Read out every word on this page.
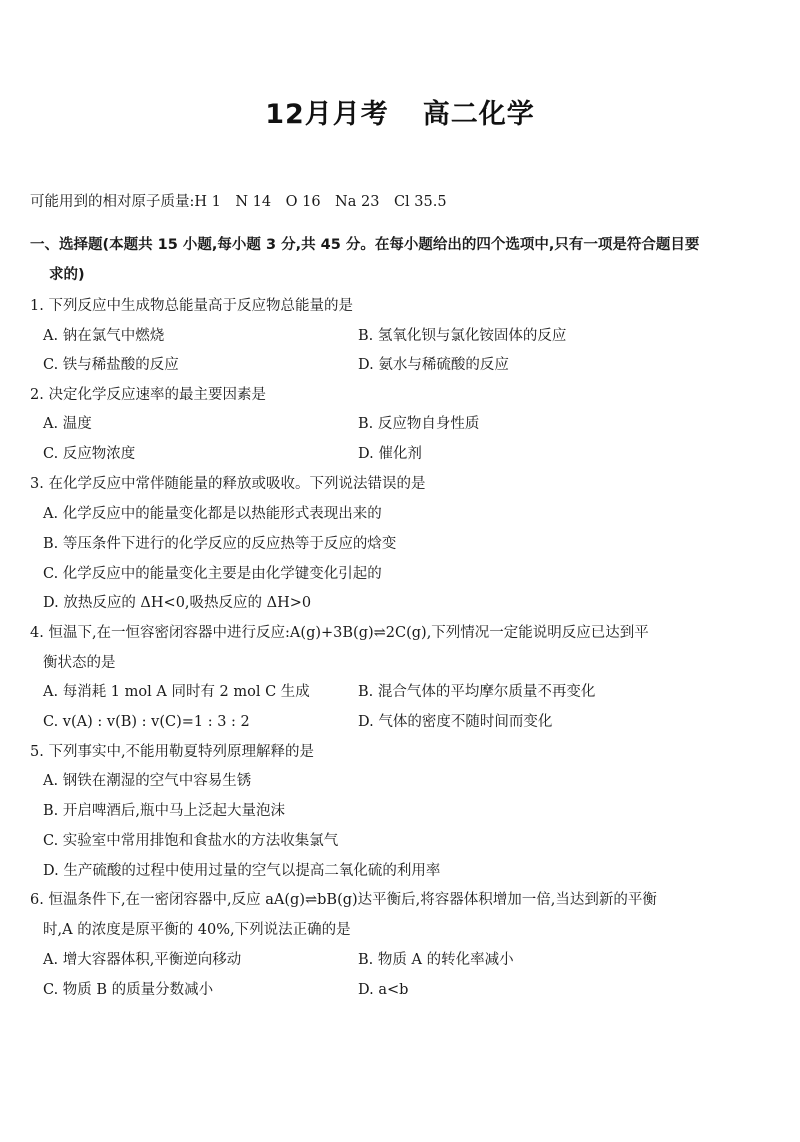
12月月考 高二化学
可能用到的相对原子质量:H 1　N 14　O 16　Na 23　Cl 35.5
一、选择题(本题共 15 小题,每小题 3 分,共 45 分。在每小题给出的四个选项中,只有一项是符合题目要
求的)
1. 下列反应中生成物总能量高于反应物总能量的是
A. 钠在氯气中燃烧	B. 氢氧化钡与氯化铵固体的反应
C. 铁与稀盐酸的反应	D. 氨水与稀硫酸的反应
2. 决定化学反应速率的最主要因素是
A. 温度	B. 反应物自身性质
C. 反应物浓度	D. 催化剂
3. 在化学反应中常伴随能量的释放或吸收。下列说法错误的是
A. 化学反应中的能量变化都是以热能形式表现出来的
B. 等压条件下进行的化学反应的反应热等于反应的焓变
C. 化学反应中的能量变化主要是由化学键变化引起的
D. 放热反应的 ΔH<0,吸热反应的 ΔH>0
4. 恒温下,在一恒容密闭容器中进行反应:A(g)+3B(g)⇌2C(g),下列情况一定能说明反应已达到平
衡状态的是
A. 每消耗 1 mol A 同时有 2 mol C 生成	B. 混合气体的平均摩尔质量不再变化
C. v(A) : v(B) : v(C)=1 : 3 : 2	D. 气体的密度不随时间而变化
5. 下列事实中,不能用勒夏特列原理解释的是
A. 钢铁在潮湿的空气中容易生锈
B. 开启啤酒后,瓶中马上泛起大量泡沫
C. 实验室中常用排饱和食盐水的方法收集氯气
D. 生产硫酸的过程中使用过量的空气以提高二氧化硫的利用率
6. 恒温条件下,在一密闭容器中,反应 aA(g)⇌bB(g)达平衡后,将容器体积增加一倍,当达到新的平衡
时,A 的浓度是原平衡的 40%,下列说法正确的是
A. 增大容器体积,平衡逆向移动	B. 物质 A 的转化率减小
C. 物质 B 的质量分数减小	D. a<b
